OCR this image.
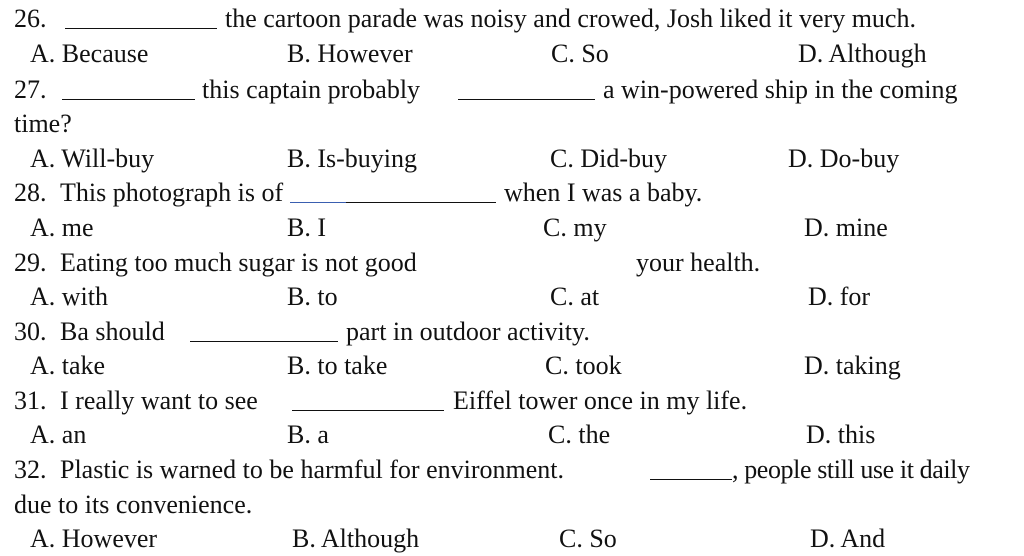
26.	the cartoon parade was noisy and crowed, Josh liked it very much.
A. Because	B. However	C. So	D. Although
27.	this captain probably	a win-powered ship in the coming
time?
A. Will-buy	B. Is-buying	C. Did-buy	D. Do-buy
28. This photograph is of	when I was a baby.
A. me	B. I	C. my	D. mine
29. Eating too much sugar is not good	your health.
A. with	B. to	C. at	D. for
30. Ba should	part in outdoor activity.
A. take	B. to take	C. took	D. taking
31. I really want to see	Eiffel tower once in my life.
A. an	B. a	C. the	D. this
32. Plastic is warned to be harmful for environment.	, people still use it daily
due to its convenience.
A. However	B. Although	C. So	D. And
